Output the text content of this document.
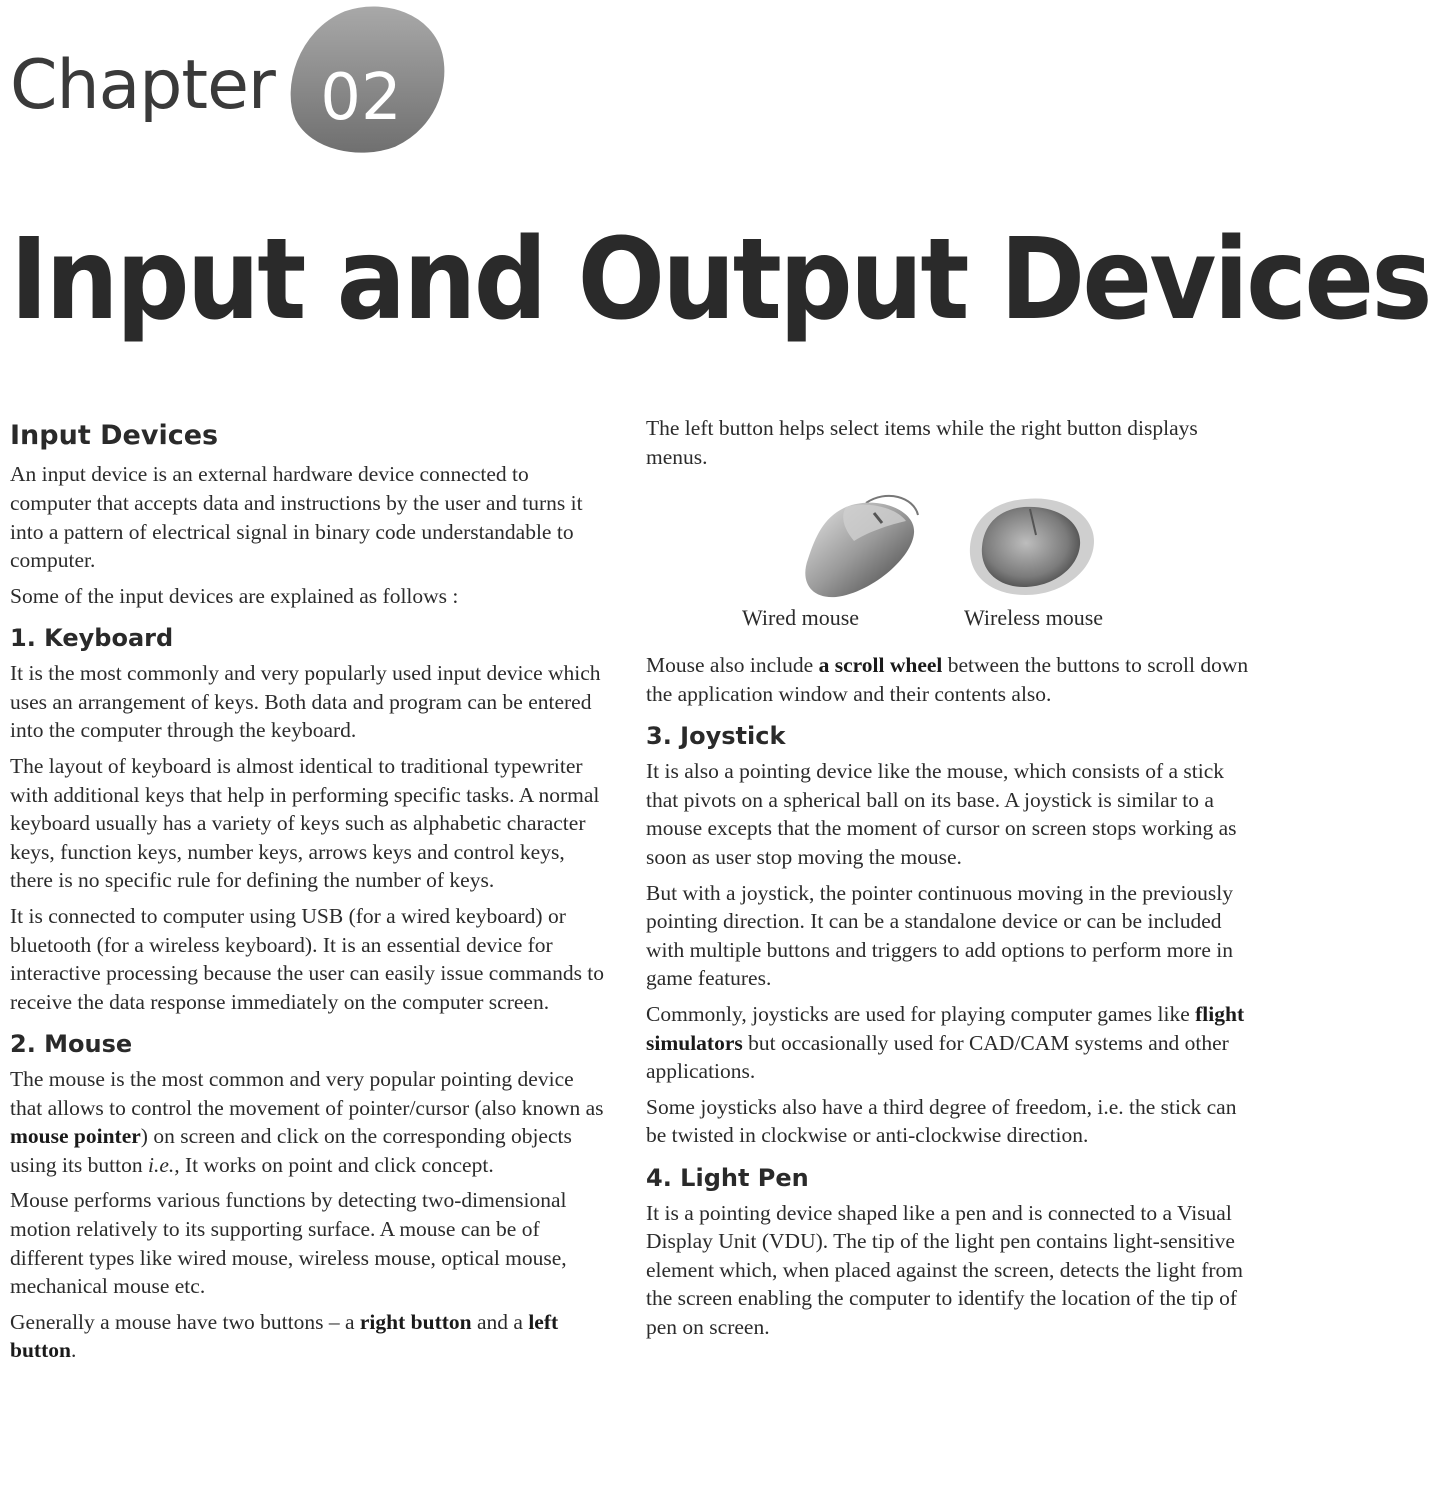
Chapter 02
Input and Output Devices
Input Devices

An input device is an external hardware device connected to computer that accepts data and instructions by the user and turns it into a pattern of electrical signal in binary code understandable to computer.

Some of the input devices are explained as follows :

1. Keyboard

It is the most commonly and very popularly used input device which uses an arrangement of keys. Both data and program can be entered into the computer through the keyboard.

The layout of keyboard is almost identical to traditional typewriter with additional keys that help in performing specific tasks. A normal keyboard usually has a variety of keys such as alphabetic character keys, function keys, number keys, arrows keys and control keys, there is no specific rule for defining the number of keys.

It is connected to computer using USB (for a wired keyboard) or bluetooth (for a wireless keyboard). It is an essential device for interactive processing because the user can easily issue commands to receive the data response immediately on the computer screen.

2. Mouse

The mouse is the most common and very popular pointing device that allows to control the movement of pointer/cursor (also known as mouse pointer) on screen and click on the corresponding objects using its button i.e., It works on point and click concept.

Mouse performs various functions by detecting two-dimensional motion relatively to its supporting surface. A mouse can be of different types like wired mouse, wireless mouse, optical mouse, mechanical mouse etc.

Generally a mouse have two buttons – a right button and a left button.

The left button helps select items while the right button displays menus.

Wired mouse	Wireless mouse

Mouse also include a scroll wheel between the buttons to scroll down the application window and their contents also.

3. Joystick

It is also a pointing device like the mouse, which consists of a stick that pivots on a spherical ball on its base. A joystick is similar to a mouse excepts that the moment of cursor on screen stops working as soon as user stop moving the mouse.

But with a joystick, the pointer continuous moving in the previously pointing direction. It can be a standalone device or can be included with multiple buttons and triggers to add options to perform more in game features.

Commonly, joysticks are used for playing computer games like flight simulators but occasionally used for CAD/CAM systems and other applications.

Some joysticks also have a third degree of freedom, i.e. the stick can be twisted in clockwise or anti-clockwise direction.

4. Light Pen

It is a pointing device shaped like a pen and is connected to a Visual Display Unit (VDU). The tip of the light pen contains light-sensitive element which, when placed against the screen, detects the light from the screen enabling the computer to identify the location of the tip of pen on screen.
